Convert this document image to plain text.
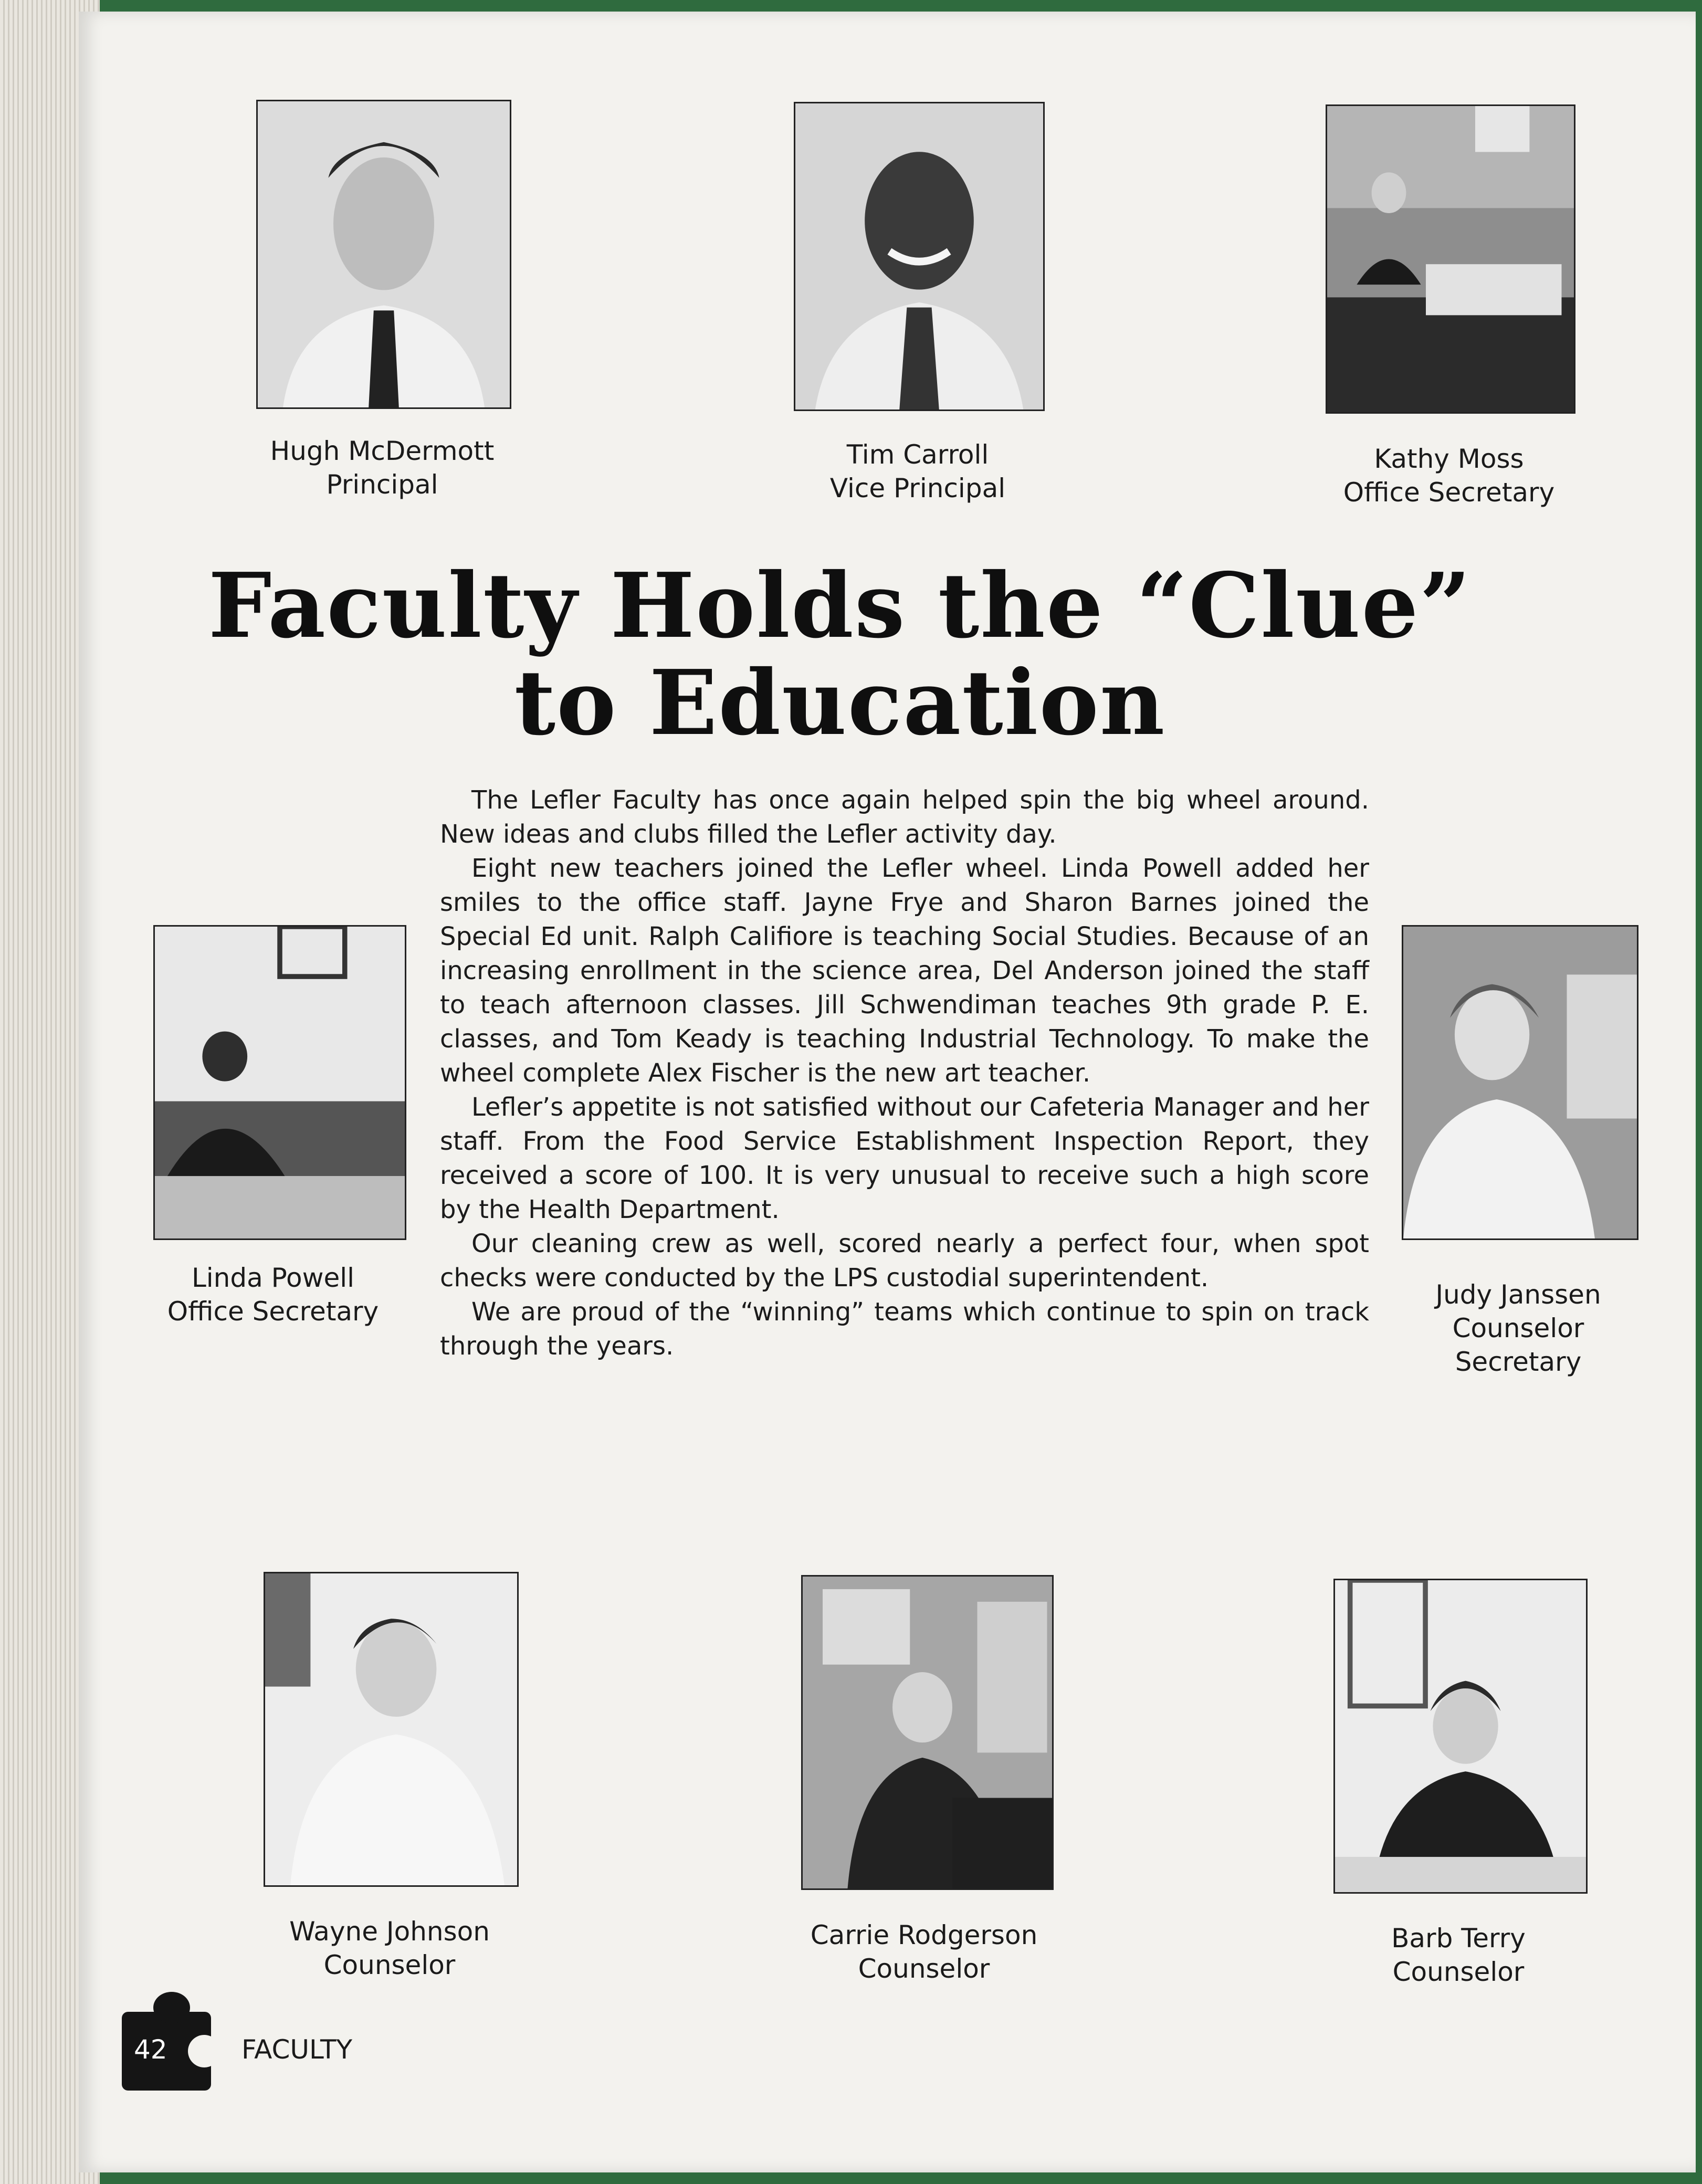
Hugh McDermott
Principal
Tim Carroll
Vice Principal
Kathy Moss
Office Secretary
Faculty Holds the “Clue”
to Education
Linda Powell
Office Secretary
Judy Janssen
Counselor
Secretary

The Lefler Faculty has once again helped spin the big wheel around. New ideas and clubs filled the Lefler activity day.

Eight new teachers joined the Lefler wheel. Linda Powell added her smiles to the office staff. Jayne Frye and Sharon Barnes joined the Special Ed unit. Ralph Califiore is teaching Social Studies. Because of an increasing enrollment in the science area, Del Anderson joined the staff to teach afternoon classes. Jill Schwendiman teaches 9th grade P. E. classes, and Tom Keady is teaching Industrial Technology. To make the wheel complete Alex Fischer is the new art teacher.

Lefler’s appetite is not satisfied without our Cafeteria Manager and her staff. From the Food Service Establishment Inspection Report, they received a score of 100. It is very unusual to receive such a high score by the Health Department.

Our cleaning crew as well, scored nearly a perfect four, when spot checks were conducted by the LPS custodial superintendent.

We are proud of the “winning” teams which continue to spin on track through the years.

Wayne Johnson
Counselor
Carrie Rodgerson
Counselor
Barb Terry
Counselor
42	FACULTY
